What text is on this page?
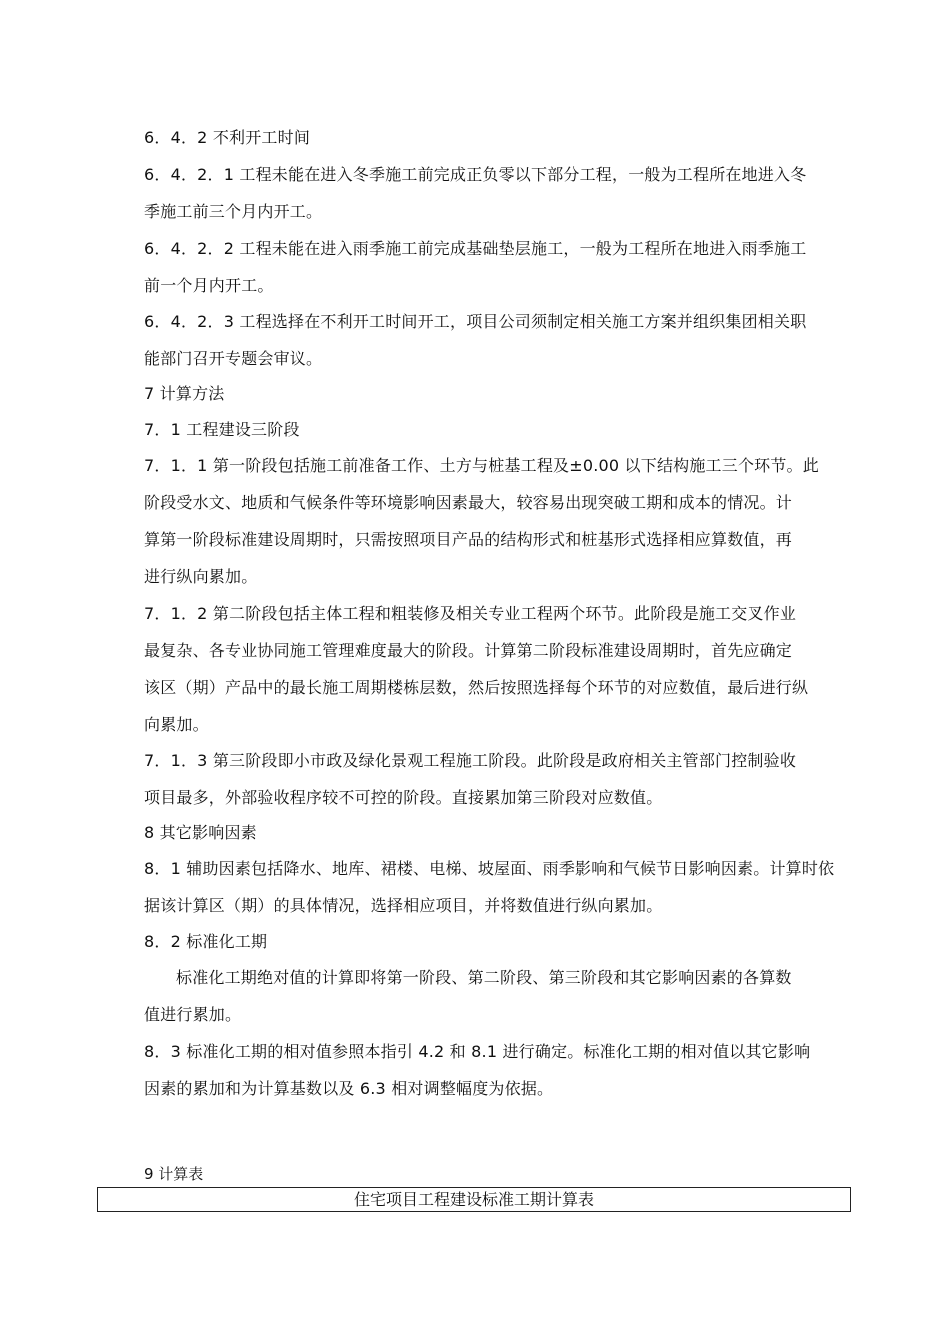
6．4．2 不利开工时间
6．4．2．1 工程未能在进入冬季施工前完成正负零以下部分工程，一般为工程所在地进入冬
季施工前三个月内开工。
6．4．2．2 工程未能在进入雨季施工前完成基础垫层施工，一般为工程所在地进入雨季施工
前一个月内开工。
6．4．2．3 工程选择在不利开工时间开工，项目公司须制定相关施工方案并组织集团相关职
能部门召开专题会审议。
7 计算方法
7．1 工程建设三阶段
7．1．1 第一阶段包括施工前准备工作、土方与桩基工程及±0.00 以下结构施工三个环节。此
阶段受水文、地质和气候条件等环境影响因素最大，较容易出现突破工期和成本的情况。计
算第一阶段标准建设周期时，只需按照项目产品的结构形式和桩基形式选择相应算数值，再
进行纵向累加。
7．1．2 第二阶段包括主体工程和粗装修及相关专业工程两个环节。此阶段是施工交叉作业
最复杂、各专业协同施工管理难度最大的阶段。计算第二阶段标准建设周期时，首先应确定
该区（期）产品中的最长施工周期楼栋层数，然后按照选择每个环节的对应数值，最后进行纵
向累加。
7．1．3 第三阶段即小市政及绿化景观工程施工阶段。此阶段是政府相关主管部门控制验收
项目最多，外部验收程序较不可控的阶段。直接累加第三阶段对应数值。
8 其它影响因素
8．1 辅助因素包括降水、地库、裙楼、电梯、坡屋面、雨季影响和气候节日影响因素。计算时依
据该计算区（期）的具体情况，选择相应项目，并将数值进行纵向累加。
8．2 标准化工期
标准化工期绝对值的计算即将第一阶段、第二阶段、第三阶段和其它影响因素的各算数
值进行累加。
8．3 标准化工期的相对值参照本指引 4.2 和 8.1 进行确定。标准化工期的相对值以其它影响
因素的累加和为计算基数以及 6.3 相对调整幅度为依据。
9 计算表
住宅项目工程建设标准工期计算表
